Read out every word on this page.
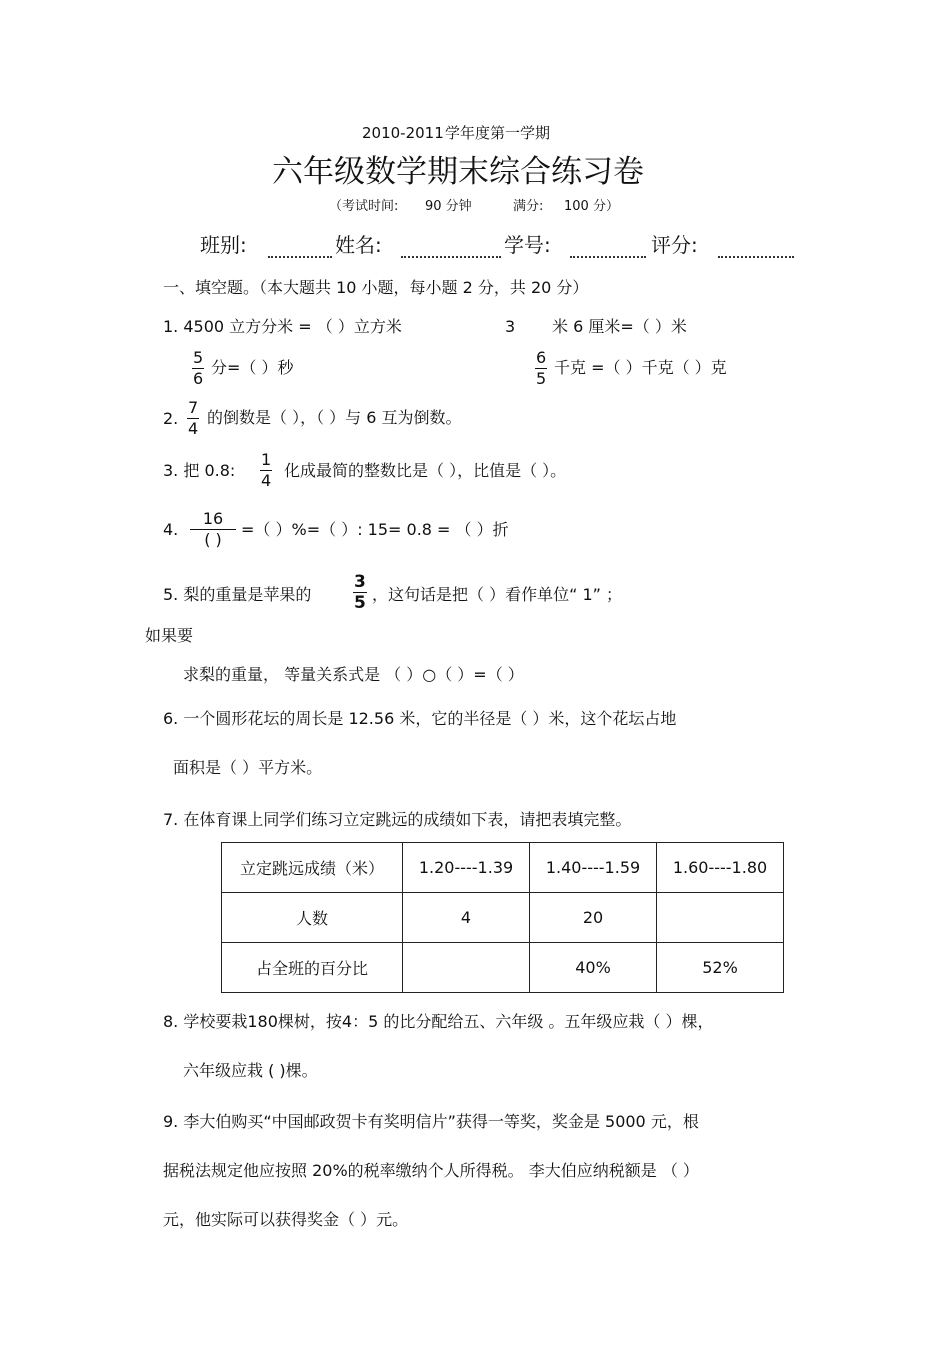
2010-2011 学年度第一学期
六年级数学期末综合练习卷
（考试时间: 90 分钟	满分: 100 分）
班别:	姓名:	学号:	评分:
一、填空题。（本大题共 10 小题，每小题 2 分，共 20 分）
1. 4500 立方分米 = （ ）立方米	3 米 6 厘米=（ ）米
$\frac{5}{6}$ 分=（ ）秒	$\frac{6}{5}$ 千克 =（ ）千克（ ）克
2. $\frac{7}{4}$ 的倒数是（ ），（ ）与 6 互为倒数。
3. 把 0.8: $\frac{1}{4}$ 化成最简的整数比是（ ），比值是（ ）。
4.
16
( )
=（ ）%=（ ）: 15= 0.8 = （ ）折
5. 梨的重量是苹果的 $\frac{3}{5}$ ，这句话是把（ ）看作单位“ 1” ；
如果要
求梨的重量， 等量关系式是 （ ）○（ ）=（ ）
6. 一个圆形花坛的周长是 12.56 米，它的半径是（ ）米，这个花坛占地
面积是（ ）平方米。
7. 在体育课上同学们练习立定跳远的成绩如下表，请把表填完整。
立定跳远成绩（米）	1.20----1.39	1.40----1.59	1.60----1.80
人数	4	20	
占全班的百分比		40%	52%
8. 学校要栽180棵树，按4：5 的比分配给五、六年级 。五年级应栽（ ）棵，
六年级应栽 ( )棵。
9. 李大伯购买“中国邮政贺卡有奖明信片”获得一等奖，奖金是 5000 元，根
据税法规定他应按照 20%的税率缴纳个人所得税。 李大伯应纳税额是 （ ）
元，他实际可以获得奖金（ ）元。
